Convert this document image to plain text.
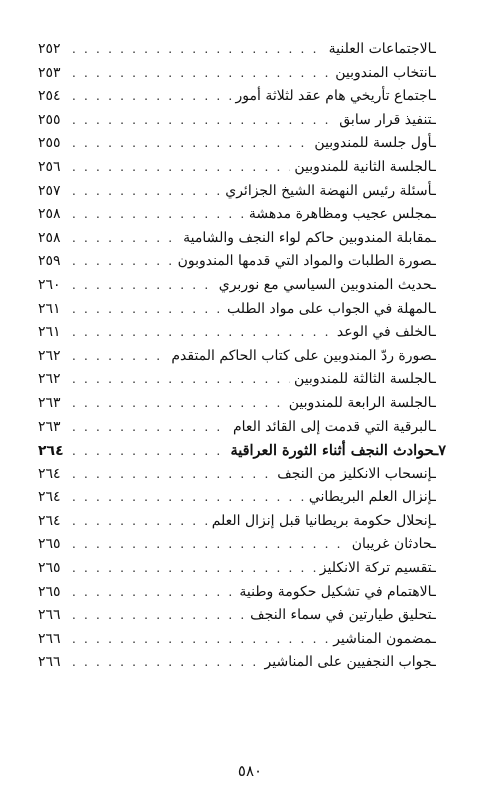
ـالاجتماعات العلنية
. . .
٢٥٢
ـانتخاب المندوبين
. . .
٢٥٣
ـاجتماع تأريخي هام عقد لثلاثة أمور
. . .
٢٥٤
ـتنفيذ قرار سابق
. . .
٢٥٥
ـأول جلسة للمندوبين
. . .
٢٥٥
ـالجلسة الثانية للمندوبين
. . .
٢٥٦
ـأسئلة رئيس النهضة الشيخ الجزائري
. . .
٢٥٧
ـمجلس عجيب ومظاهرة مدهشة
. . .
٢٥٨
ـمقابلة المندوبين حاكم لواء النجف والشامية
. . .
٢٥٨
ـصورة الطلبات والمواد التي قدمها المندوبون
. . .
٢٥٩
ـحديث المندوبين السياسي مع نوربري
. . .
٢٦٠
ـالمهلة في الجواب على مواد الطلب
. . .
٢٦١
ـالخلف في الوعد
. . .
٢٦١
ـصورة ردّ المندوبين على كتاب الحاكم المتقدم
. . .
٢٦٢
ـالجلسة الثالثة للمندوبين
. . .
٢٦٢
ـالجلسة الرابعة للمندوبين
. . .
٢٦٣
ـالبرقية التي قدمت إلى القائد العام
. . .
٢٦٣
٧ـحوادث النجف أثناء الثورة العراقية
. . .
٢٦٤
ـإنسحاب الانكليز من النجف
. . .
٢٦٤
ـإنزال العلم البريطاني
. . .
٢٦٤
ـإنحلال حكومة بريطانيا قبل إنزال العلم
. . .
٢٦٤
ـحادثان غريبان
. . .
٢٦٥
ـتقسيم تركة الانكليز
. . .
٢٦٥
ـالاهتمام في تشكيل حكومة وطنية
. . .
٢٦٥
ـتحليق طيارتين في سماء النجف
. . .
٢٦٦
ـمضمون المناشير
. . .
٢٦٦
ـجواب النجفيين على المناشير
. . .
٢٦٦
٥٨٠
